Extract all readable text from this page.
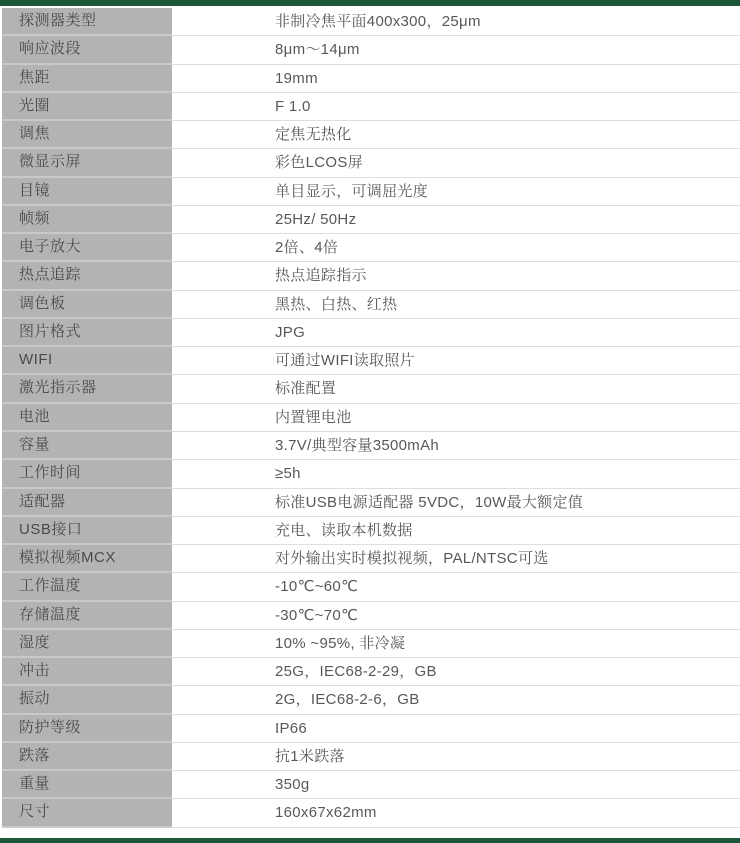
探测器类型	非制冷焦平面400x300，25μm
响应波段	8μm～14μm
焦距	19mm
光圈	F 1.0
调焦	定焦无热化
微显示屏	彩色LCOS屏
目镜	单目显示，可调屈光度
帧频	25Hz/ 50Hz
电子放大	2倍、4倍
热点追踪	热点追踪指示
调色板	黑热、白热、红热
图片格式	JPG
WIFI	可通过WIFI读取照片
激光指示器	标准配置
电池	内置锂电池
容量	3.7V/典型容量3500mAh
工作时间	≥5h
适配器	标准USB电源适配器 5VDC，10W最大额定值
USB接口	充电、读取本机数据
模拟视频MCX	对外输出实时模拟视频，PAL/NTSC可选
工作温度	-10℃~60℃
存储温度	-30℃~70℃
湿度	10% ~95%, 非冷凝
冲击	25G，IEC68-2-29，GB
振动	2G，IEC68-2-6，GB
防护等级	IP66
跌落	抗1米跌落
重量	350g
尺寸	160x67x62mm
